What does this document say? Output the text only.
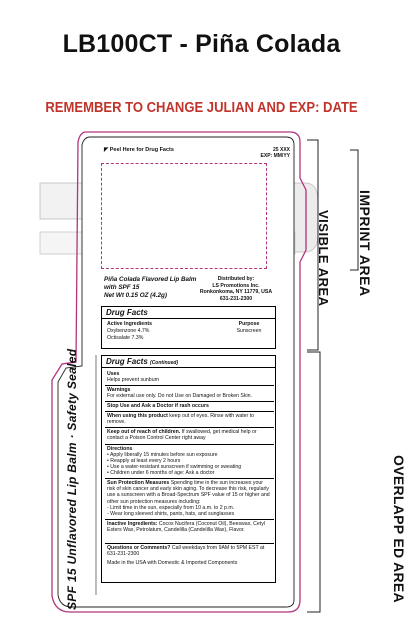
LB100CT - Piña Colada
REMEMBER TO CHANGE JULIAN AND EXP: DATE
IMPRINT AREA
VISIBLE AREA
OVERLAPP ED AREA
SPF 15 Unflavored Lip Balm · Safety Sealed
◤ Peel Here for Drug Facts	25 XXX
EXP: MM/YY
Piña Colada Flavored Lip Balm
with SPF 15
Net Wt 0.15 OZ (4.2g)
Distributed by:
LS Promotions Inc.
Ronkonkoma, NY 11779, USA
631-231-2300
Drug Facts
Active Ingredients	Purpose
Oxybenzone 4.7%	Sunscreen
Octisalate 7.3%
Drug Facts (Continued)
Uses
Helps prevent sunburn
Warnings
For external use only. Do not Use on Damaged or Broken Skin.
Stop Use and Ask a Doctor if rash occurs
When using this product keep out of eyes. Rinse with water to remove.
Keep out of reach of children. If swallowed, get medical help or contact a Poison Control Center right away
Directions
• Apply liberally 15 minutes before sun exposure
• Reapply at least every 2 hours
• Use a water-resistant sunscreen if swimming or sweating
• Children under 6 months of age: Ask a doctor
Sun Protection Measures Spending time in the sun increases your risk of skin cancer and early skin aging. To decrease this risk, regularly use a sunscreen with a Broad-Spectrum SPF value of 15 or higher and other sun protection measures including:
- Limit time in the sun, especially from 10 a.m. to 2 p.m.
- Wear long sleeved shirts, pants, hats, and sunglasses
Inactive Ingredients: Cocos Nucifera (Coconut Oil), Beeswax, Cetyl Esters Wax, Petrolatum, Candelilla (Candelilla Wax), Flavor.
Questions or Comments? Call weekdays from 9AM to 5PM EST at 631-231-2300
Made in the USA with Domestic & Imported Components
